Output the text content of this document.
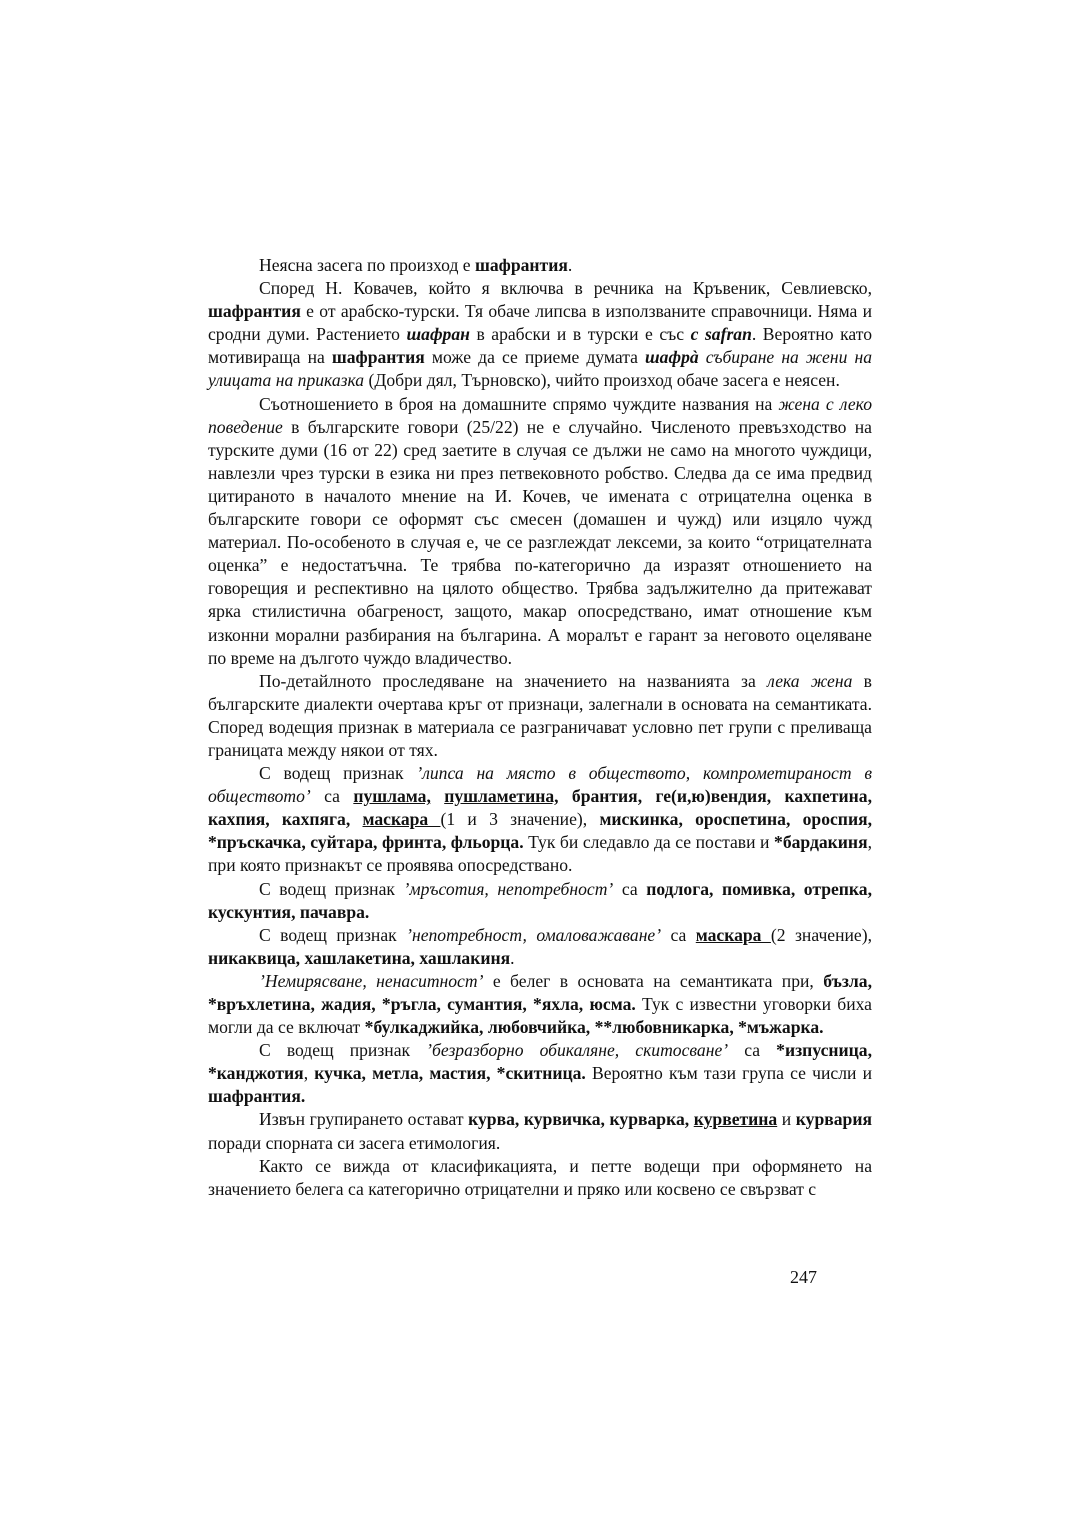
Неясна засега по произход е шафрантия.

Според Н. Ковачев, който я включва в речника на Кръвеник, Севлиевско, шафрантия е от арабско-турски. Тя обаче липсва в използваните справочници. Няма и сродни думи. Растението шафран в арабски и в турски е със с safran. Вероятно като мотивираща на шафрантия може да се приеме думата шафрà събиране на жени на улицата на приказка (Добри дял, Търновско), чийто произход обаче засега е неясен.

Съотношението в броя на домашните спрямо чуждите названия на жена с леко поведение в българските говори (25/22) не е случайно. Численото превъзходство на турските думи (16 от 22) сред заетите в случая се дължи не само на многото чуждици, навлезли чрез турски в езика ни през петвековното робство. Следва да се има предвид цитираното в началото мнение на И. Кочев, че имената с отрицателна оценка в българските говори се оформят със смесен (домашен и чужд) или изцяло чужд материал. По-особеното в случая е, че се разглеждат лексеми, за които “отрицателната оценка” е недостатъчна. Те трябва по-категорично да изразят отношението на говорещия и респективно на цялото общество. Трябва задължително да притежават ярка стилистична обагреност, защото, макар опосредствано, имат отношение към изконни морални разбирания на българина. А моралът е гарант за неговото оцеляване по време на дългото чуждо владичество.

По-детайлното проследяване на значението на названията за лека жена в българските диалекти очертава кръг от признаци, залегнали в основата на семантиката. Според водещия признак в материала се разграничават условно пет групи с преливаща границата между някои от тях.

С водещ признак ’липса на място в обществото, компрометираност в обществото’ са пушлама, пушламетина, брантия, ге(и,ю)вендия, кахпетина, кахпия, кахпяга, маскара (1 и 3 значение), мискинка, ороспетина, ороспия, *пръскачка, суйтара, фринта, фльорца. Тук би следавло да се постави и *бардакиня, при която признакът се проявява опосредствано.

С водещ признак ’мръсотия, непотребност’ са подлога, помивка, отрепка, кускунтия, пачавра.

С водещ признак ’непотребност, омаловажаване’ са маскара (2 значение), никаквица, хашлакетина, хашлакиня.

’Немирясване, ненаситност’ е белег в основата на семантиката при, бъзла, *връхлетина, жадия, *ръгла, сумантия, *яхла, юсма. Тук с известни уговорки биха могли да се включат *булкаджийка, любовчийка, **любовникарка, *мъжарка.

С водещ признак ’безразборно обикаляне, скитосване’ са *изпусница, *канджотия, кучка, метла, мастия, *скитница. Вероятно към тази група се числи и шафрантия.

Извън групирането остават курва, курвичка, курварка, курветина и курвария поради спорната си засега етимология.

Както се вижда от класификацията, и петте водещи при оформянето на значението белега са категорично отрицателни и пряко или косвено се свързват с

247
